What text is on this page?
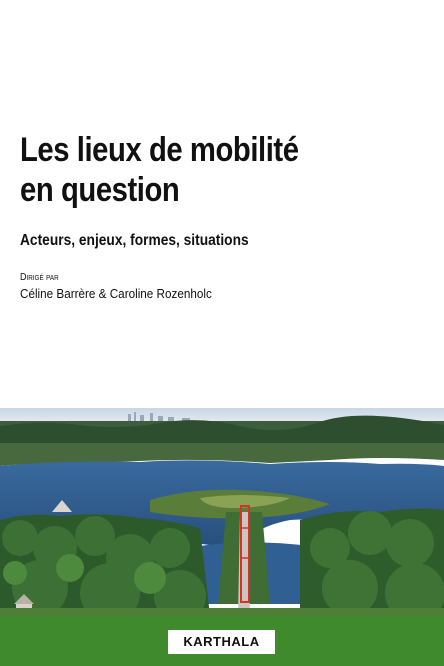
Les lieux de mobilité
en question
Acteurs, enjeux, formes, situations
Dirigé par
Céline Barrère & Caroline Rozenholc
KARTHALA
